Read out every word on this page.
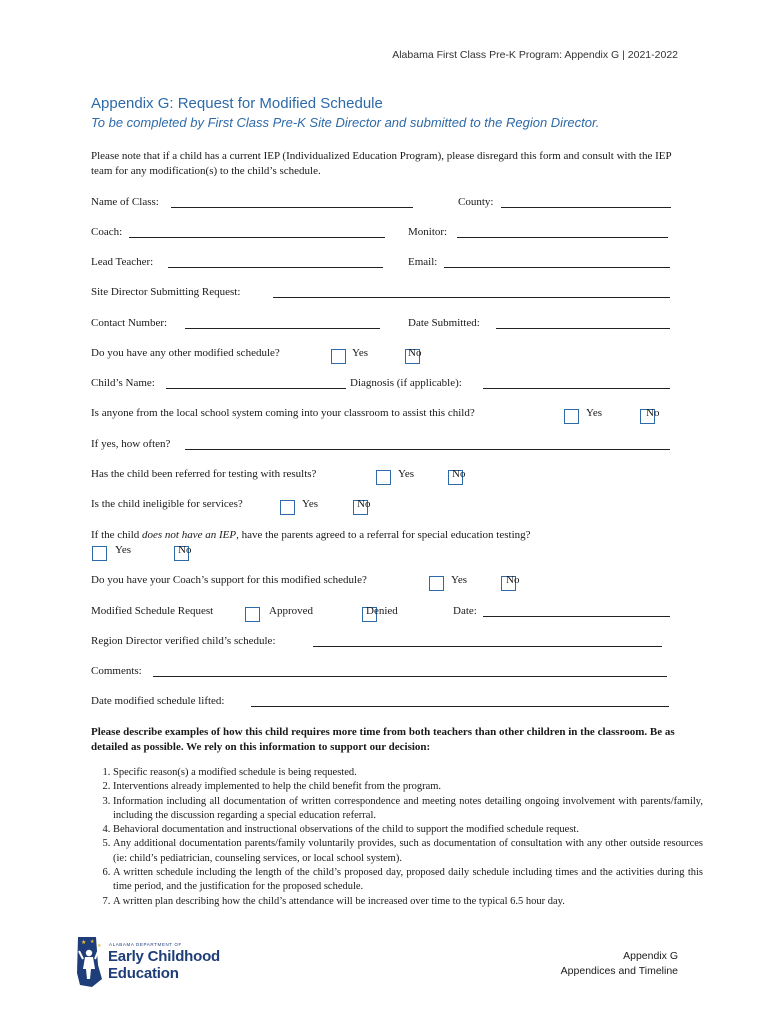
Alabama First Class Pre-K Program: Appendix G | 2021-2022
Appendix G: Request for Modified Schedule
To be completed by First Class Pre-K Site Director and submitted to the Region Director.
Please note that if a child has a current IEP (Individualized Education Program), please disregard this form and consult with the IEP team for any modification(s) to the child’s schedule.
Name of Class:	County:
Coach:	Monitor:
Lead Teacher:	Email:
Site Director Submitting Request:
Contact Number:	Date Submitted:
Do you have any other modified schedule?
	Yes	No
Child’s Name:	Diagnosis (if applicable):
Is anyone from the local school system coming into your classroom to assist this child?
	Yes	No
If yes, how often?
Has the child been referred for testing with results?
	Yes	No
Is the child ineligible for services?
	Yes	No
If the child does not have an IEP, have the parents agreed to a referral for special education testing?

Yes	No
Do you have your Coach’s support for this modified schedule?
	Yes	No
Modified Schedule Request
	Approved	Denied	Date:
Region Director verified child’s schedule:
Comments:
Date modified schedule lifted:
Please describe examples of how this child requires more time from both teachers than other children in the classroom. Be as detailed as possible. We rely on this information to support our decision:
1. Specific reason(s) a modified schedule is being requested.
2. Interventions already implemented to help the child benefit from the program.
3. Information including all documentation of written correspondence and meeting notes detailing ongoing involvement with parents/family, including the discussion regarding a special education referral.
4. Behavioral documentation and instructional observations of the child to support the modified schedule request.
5. Any additional documentation parents/family voluntarily provides, such as documentation of consultation with any other outside resources (ie: child’s pediatrician, counseling services, or local school system).
6. A written schedule including the length of the child’s proposed day, proposed daily schedule including times and the activities during this time period, and the justification for the proposed schedule.
7. A written plan describing how the child’s attendance will be increased over time to the typical 6.5 hour day.
★ ★
★ ALABAMA DEPARTMENT OF
Early Childhood
Education
Appendix G
Appendices and Timeline
